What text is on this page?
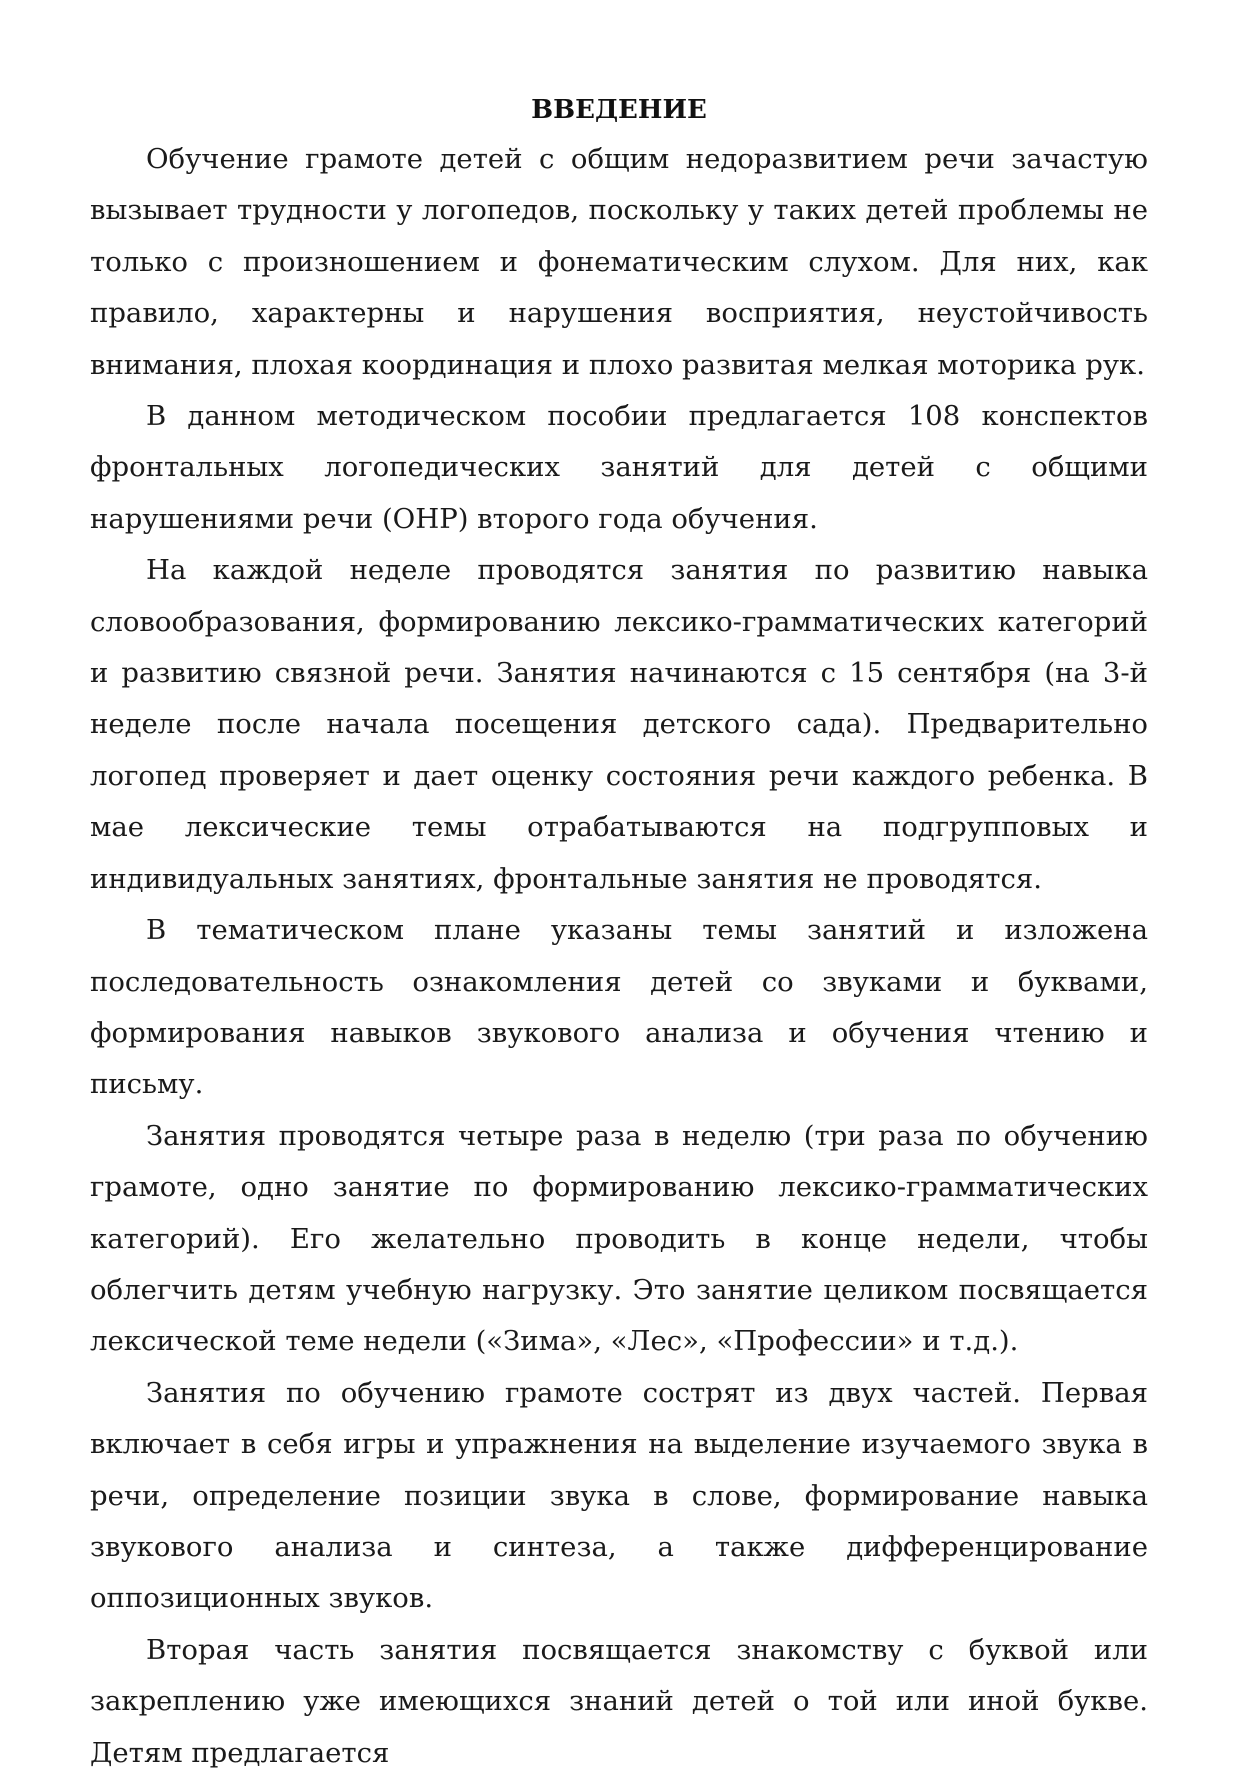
ВВЕДЕНИЕ

Обучение грамоте детей с общим недоразвитием речи зачастую вызывает трудности у логопедов, поскольку у таких детей проблемы не только с произношением и фонематическим слухом. Для них, как правило, характерны и нарушения восприятия, неустойчивость внимания, плохая координация и плохо развитая мелкая моторика рук.

В данном методическом пособии предлагается 108 конспектов фронтальных логопедических занятий для детей с общими нарушениями речи (ОНР) второго года обучения.

На каждой неделе проводятся занятия по развитию навыка словообразования, формированию лексико-грамматических категорий и развитию связной речи. Занятия начинаются с 15 сентября (на 3-й неделе после начала посещения детского сада). Предварительно логопед проверяет и дает оценку состояния речи каждого ребенка. В мае лексические темы отрабатываются на подгрупповых и индивидуальных занятиях, фронтальные занятия не проводятся.

В тематическом плане указаны темы занятий и изложена последовательность ознакомления детей со звуками и буквами, формирования навыков звукового анализа и обучения чтению и письму.

Занятия проводятся четыре раза в неделю (три раза по обучению грамоте, одно занятие по формированию лексико-грамматических категорий). Его желательно проводить в конце недели, чтобы облегчить детям учебную нагрузку. Это занятие целиком посвящается лексической теме недели («Зима», «Лес», «Профессии» и т.д.).

Занятия по обучению грамоте сострят из двух частей. Первая включает в себя игры и упражнения на выделение изучаемого звука в речи, определение позиции звука в слове, формирование навыка звукового анализа и синтеза, а также дифференцирование оппозиционных звуков.

Вторая часть занятия посвящается знакомству с буквой или закреплению уже имеющихся знаний детей о той или иной букве. Детям предлагается
